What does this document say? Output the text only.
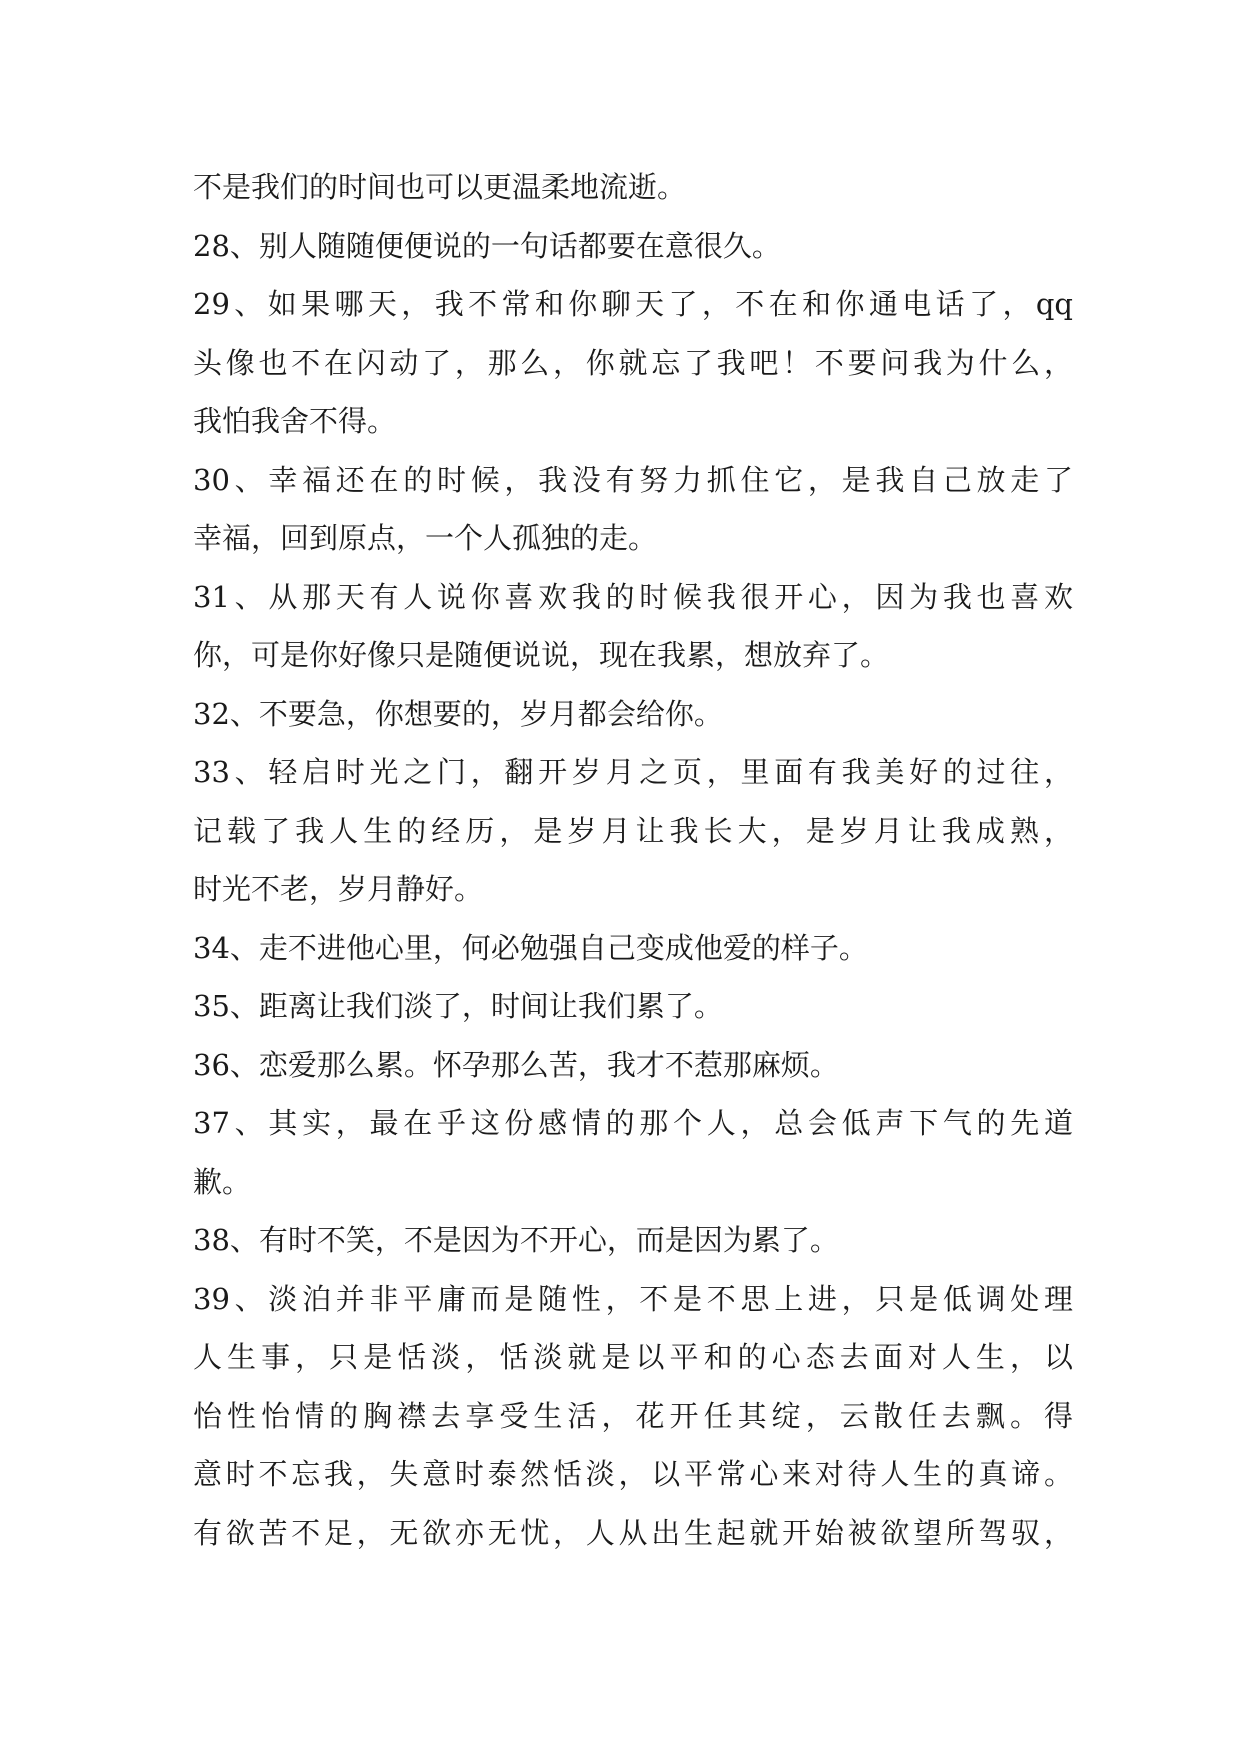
不是我们的时间也可以更温柔地流逝。
28、别人随随便便说的一句话都要在意很久。
29、如果哪天，我不常和你聊天了，不在和你通电话了，qq
头像也不在闪动了，那么，你就忘了我吧！不要问我为什么，
我怕我舍不得。
30、幸福还在的时候，我没有努力抓住它，是我自己放走了
幸福，回到原点，一个人孤独的走。
31、从那天有人说你喜欢我的时候我很开心，因为我也喜欢
你，可是你好像只是随便说说，现在我累，想放弃了。
32、不要急，你想要的，岁月都会给你。
33、轻启时光之门，翻开岁月之页，里面有我美好的过往，
记载了我人生的经历，是岁月让我长大，是岁月让我成熟，
时光不老，岁月静好。
34、走不进他心里，何必勉强自己变成他爱的样子。
35、距离让我们淡了，时间让我们累了。
36、恋爱那么累。怀孕那么苦，我才不惹那麻烦。
37、其实，最在乎这份感情的那个人，总会低声下气的先道
歉。
38、有时不笑，不是因为不开心，而是因为累了。
39、淡泊并非平庸而是随性，不是不思上进，只是低调处理
人生事，只是恬淡，恬淡就是以平和的心态去面对人生，以
怡性怡情的胸襟去享受生活，花开任其绽，云散任去飘。得
意时不忘我，失意时泰然恬淡，以平常心来对待人生的真谛。
有欲苦不足，无欲亦无忧，人从出生起就开始被欲望所驾驭，
